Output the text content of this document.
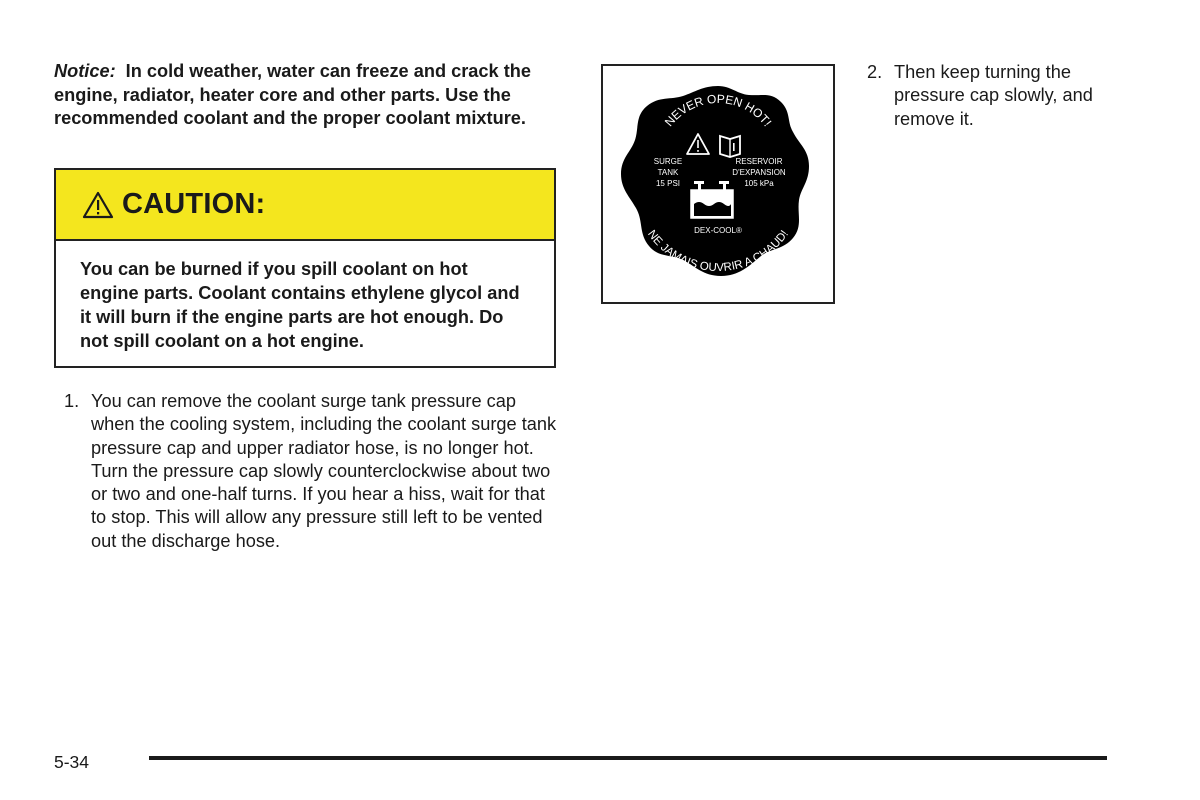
Notice: In cold weather, water can freeze and crack the engine, radiator, heater core and other parts. Use the recommended coolant and the proper coolant mixture.

CAUTION:
You can be burned if you spill coolant on hot engine parts. Coolant contains ethylene glycol and it will burn if the engine parts are hot enough. Do not spill coolant on a hot engine.
1. You can remove the coolant surge tank pressure cap when the cooling system, including the coolant surge tank pressure cap and upper radiator hose, is no longer hot. Turn the pressure cap slowly counterclockwise about two or two and one-half turns. If you hear a hiss, wait for that to stop. This will allow any pressure still left to be vented out the discharge hose.
NEVER OPEN HOT!
NE JAMAIS OUVRIR A CHAUD!
SURGE
TANK
15 PSI
RESERVOIR
D'EXPANSION
105 kPa
DEX-COOL®
2. Then keep turning the pressure cap slowly, and remove it.
5-34
